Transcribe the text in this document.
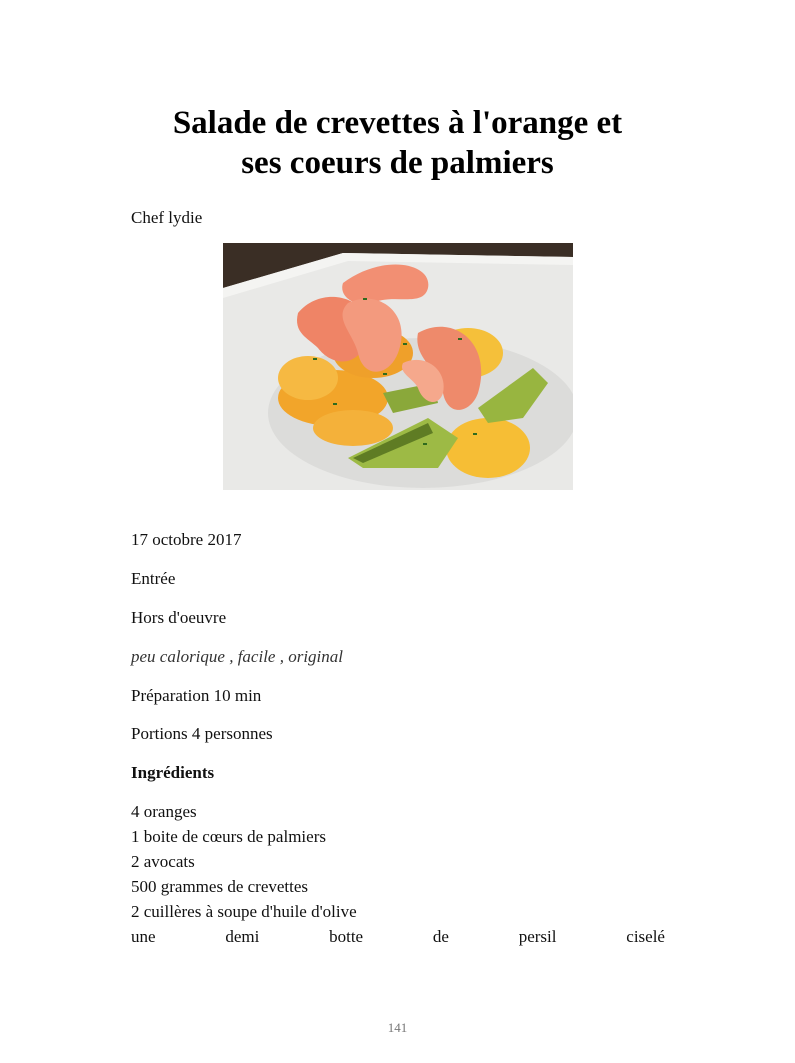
Salade de crevettes à l'orange et
ses coeurs de palmiers
Chef lydie
17 octobre 2017
Entrée
Hors d'oeuvre
peu calorique , facile , original
Préparation 10 min
Portions 4 personnes
Ingrédients
4 oranges
1 boite de cœurs de palmiers
2 avocats
500 grammes de crevettes
2 cuillères à soupe d'huile d'olive
une	demi	botte	de	persil	ciselé
141
